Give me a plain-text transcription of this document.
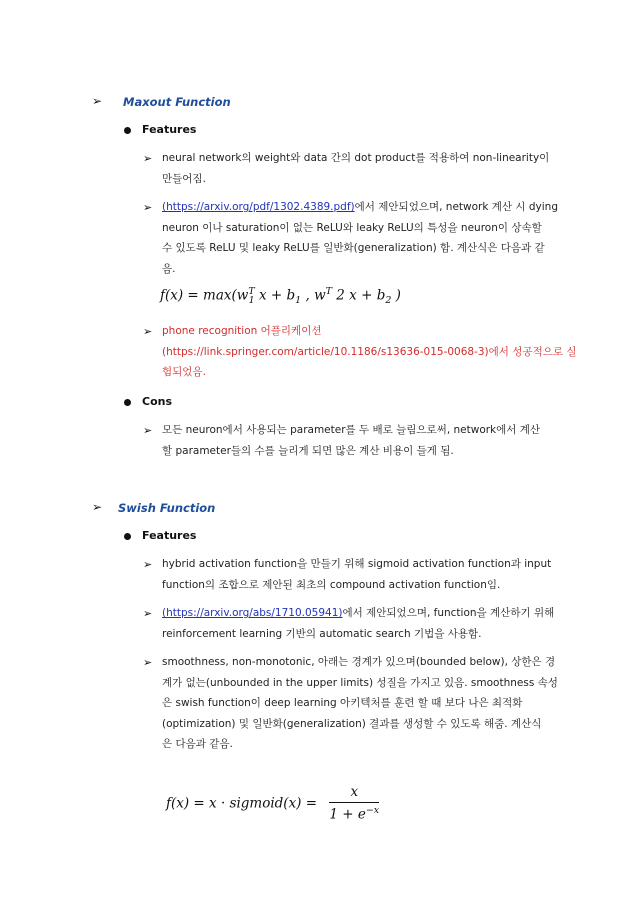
➢ Maxout Function
Features
➢ neural network의 weight와 data 간의 dot product를 적용하여 non-linearity이
만들어짐.
➢ (https://arxiv.org/pdf/1302.4389.pdf)에서 제안되었으며, network 계산 시 dying
neuron 이나 saturation이 없는 ReLU와 leaky ReLU의 특성을 neuron이 상속할
수 있도록 ReLU 및 leaky ReLU를 일반화(generalization) 함. 계산식은 다음과 같
음.
$f(x) = \max(w^T_1$ $x + b_1$ , $w^T$ 2 $x + b_2$ )
➢ phone recognition 어플리케이션
(https://link.springer.com/article/10.1186/s13636-015-0068-3)에서 성공적으로 실
험되었음.
Cons
➢ 모든 neuron에서 사용되는 parameter를 두 배로 늘림으로써, network에서 계산
할 parameter들의 수를 늘리게 되면 많은 계산 비용이 들게 됨.
➢ Swish Function
Features
➢ hybrid activation function을 만들기 위해 sigmoid activation function과 input
function의 조합으로 제안된 최초의 compound activation function임.
➢ (https://arxiv.org/abs/1710.05941)에서 제안되었으며, function을 계산하기 위해
reinforcement learning 기반의 automatic search 기법을 사용함.
➢ smoothness, non-monotonic, 아래는 경계가 있으며(bounded below), 상한은 경
계가 없는(unbounded in the upper limits) 성질을 가지고 있음. smoothness 속성
은 swish function이 deep learning 아키텍처를 훈련 할 때 보다 나은 최적화
(optimization) 및 일반화(generalization) 결과를 생성할 수 있도록 해줌. 계산식
은 다음과 같음.
f(x) = x · sigmoid(x) = $\frac{x}{1 + e^{-x}}$
